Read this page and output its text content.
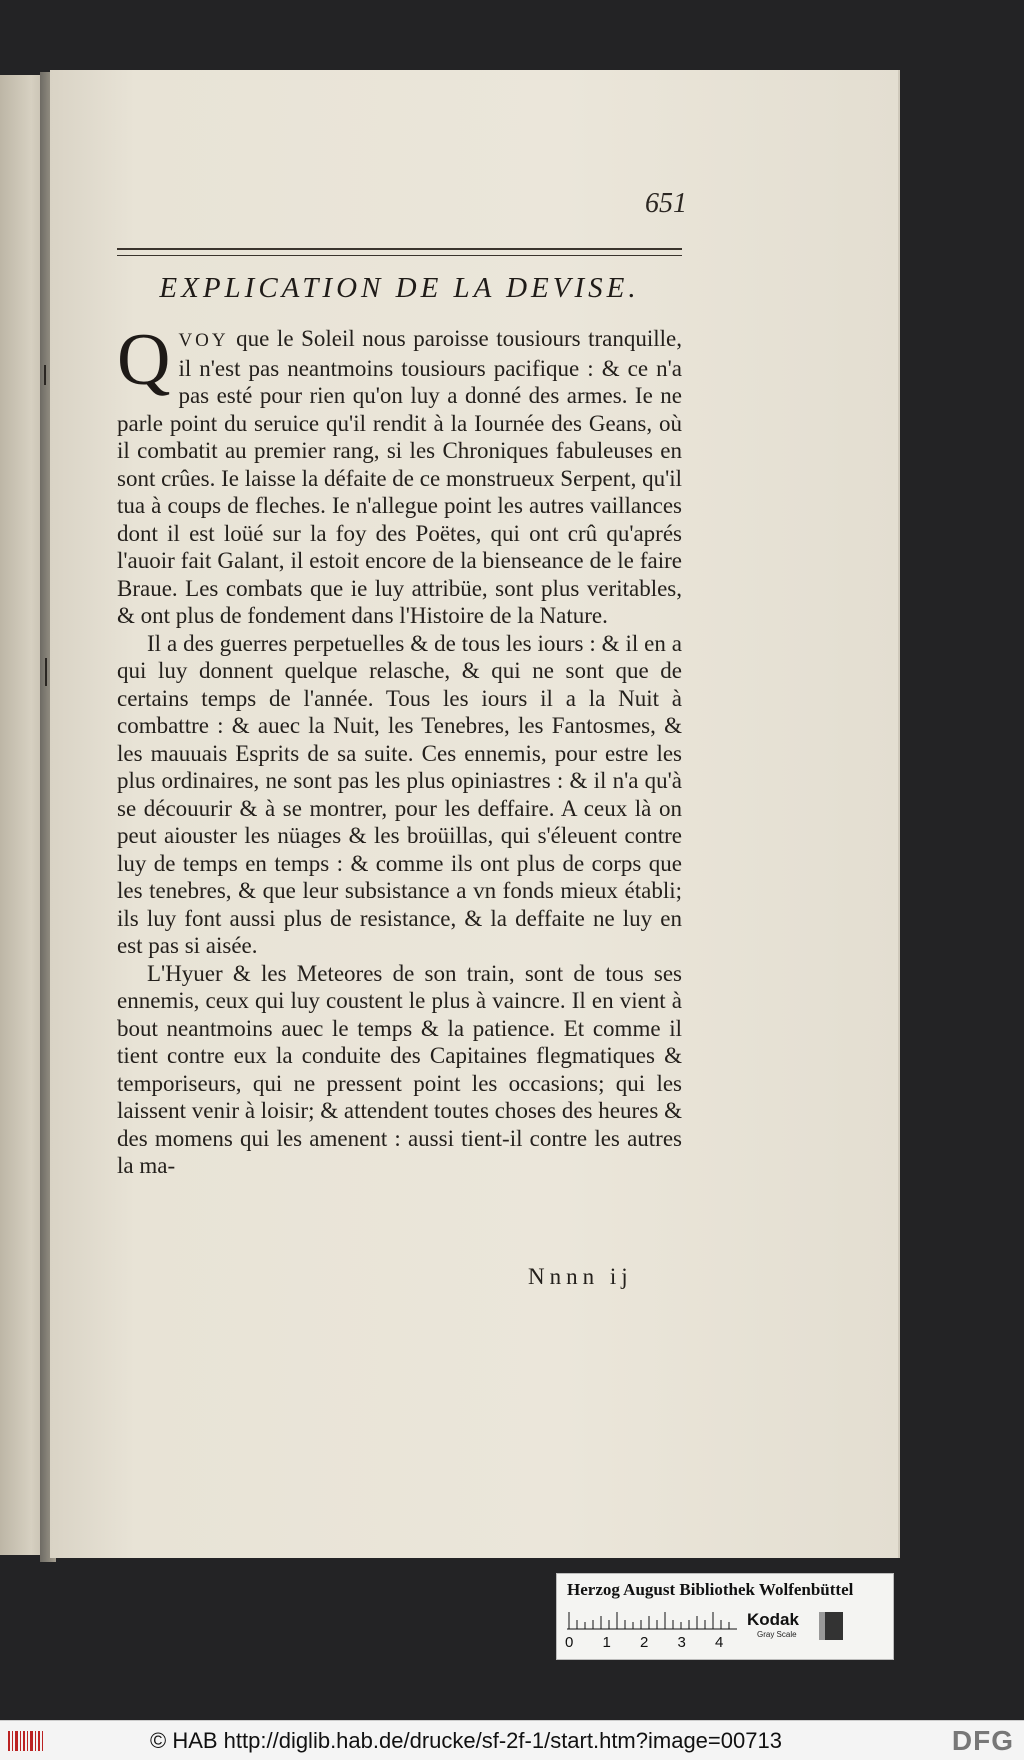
651
EXPLICATION DE LA DEVISE.

QVOY que le Soleil nous paroisse tousiours tranquille, il n'est pas neantmoins tousiours pacifique : & ce n'a pas esté pour rien qu'on luy a donné des armes. Ie ne parle point du seruice qu'il rendit à la Iournée des Geans, où il combatit au premier rang, si les Chroniques fabuleuses en sont crûes. Ie laisse la défaite de ce monstrueux Serpent, qu'il tua à coups de fleches. Ie n'allegue point les autres vaillances dont il est loüé sur la foy des Poëtes, qui ont crû qu'aprés l'auoir fait Galant, il estoit encore de la bienseance de le faire Braue. Les combats que ie luy attribüe, sont plus veritables, & ont plus de fondement dans l'Histoire de la Nature.

Il a des guerres perpetuelles & de tous les iours : & il en a qui luy donnent quelque relasche, & qui ne sont que de certains temps de l'année. Tous les iours il a la Nuit à combattre : & auec la Nuit, les Tenebres, les Fantosmes, & les mauuais Esprits de sa suite. Ces ennemis, pour estre les plus ordinaires, ne sont pas les plus opiniastres : & il n'a qu'à se découurir & à se montrer, pour les deffaire. A ceux là on peut aiouster les nüages & les broüillas, qui s'éleuent contre luy de temps en temps : & comme ils ont plus de corps que les tenebres, & que leur subsistance a vn fonds mieux établi; ils luy font aussi plus de resistance, & la deffaite ne luy en est pas si aisée.

L'Hyuer & les Meteores de son train, sont de tous ses ennemis, ceux qui luy coustent le plus à vaincre. Il en vient à bout neantmoins auec le temps & la patience. Et comme il tient contre eux la conduite des Capitaines flegmatiques & temporiseurs, qui ne pressent point les occasions; qui les laissent venir à loisir; & attendent toutes choses des heures & des momens qui les amenent : aussi tient-il contre les autres la ma-

Nnnn ij
Herzog August Bibliothek Wolfenbüttel
0	1	2	3	4
Kodak
Gray Scale
© HAB http://diglib.hab.de/drucke/sf-2f-1/start.htm?image=00713	DFG
